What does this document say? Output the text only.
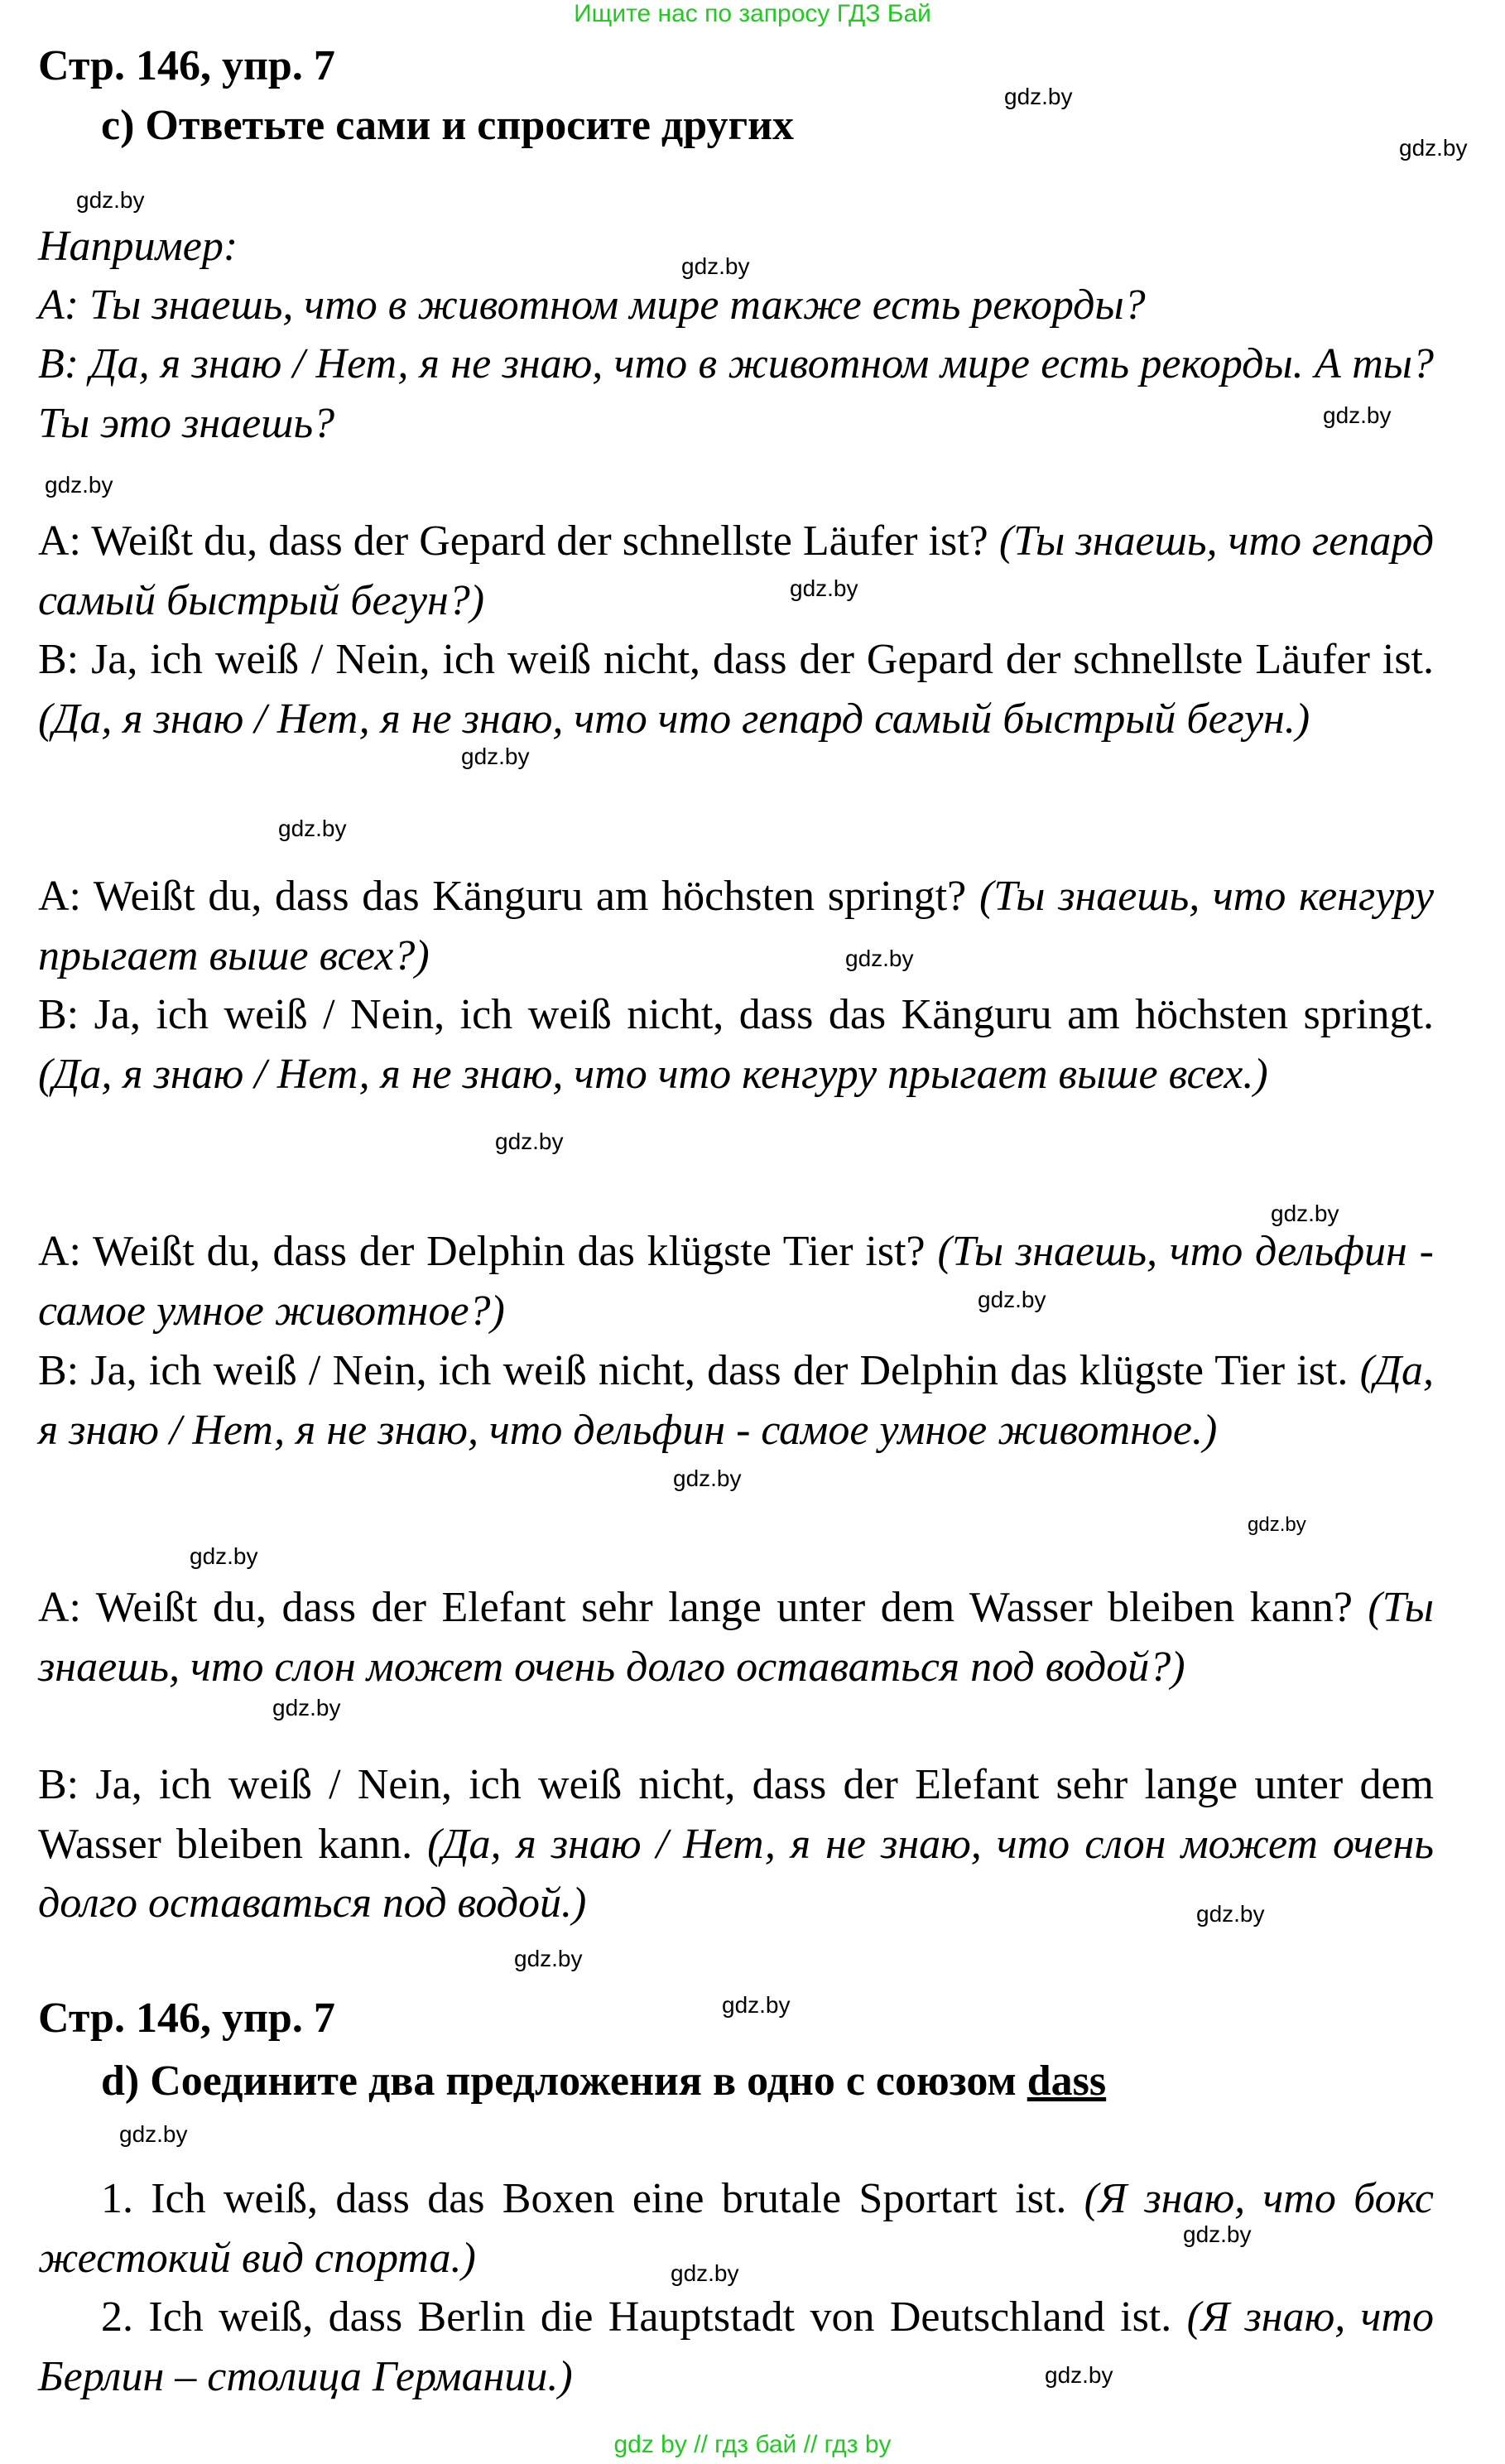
Ищите нас по запросу ГДЗ Бай
Стр. 146, упр. 7
c) Ответьте сами и спросите других
Например:
А: Ты знаешь, что в животном мире также есть рекорды?
В: Да, я знаю / Нет, я не знаю, что в животном мире есть рекорды. А ты? Ты это знаешь?
A: Weißt du, dass der Gepard der schnellste Läufer ist? (Ты знаешь, что гепард самый быстрый бегун?)
B: Ja, ich weiß / Nein, ich weiß nicht, dass der Gepard der schnellste Läufer ist. (Да, я знаю / Нет, я не знаю, что что гепард самый быстрый бегун.)
A: Weißt du, dass das Känguru am höchsten springt? (Ты знаешь, что кенгуру прыгает выше всех?)
B: Ja, ich weiß / Nein, ich weiß nicht, dass das Känguru am höchsten springt. (Да, я знаю / Нет, я не знаю, что что кенгуру прыгает выше всех.)
A: Weißt du, dass der Delphin das klügste Tier ist? (Ты знаешь, что дельфин - самое умное животное?)
B: Ja, ich weiß / Nein, ich weiß nicht, dass der Delphin das klügste Tier ist. (Да, я знаю / Нет, я не знаю, что дельфин - самое умное животное.)
A: Weißt du, dass der Elefant sehr lange unter dem Wasser bleiben kann? (Ты знаешь, что слон может очень долго оставаться под водой?)
B: Ja, ich weiß / Nein, ich weiß nicht, dass der Elefant sehr lange unter dem Wasser bleiben kann. (Да, я знаю / Нет, я не знаю, что слон может очень долго оставаться под водой.)
Стр. 146, упр. 7
d) Соедините два предложения в одно с союзом dass
1. Ich weiß, dass das Boxen eine brutale Sportart ist. (Я знаю, что бокс жестокий вид спорта.)
2. Ich weiß, dass Berlin die Hauptstadt von Deutschland ist. (Я знаю, что Берлин – столица Германии.)
gdz.by
gdz.by
gdz.by
gdz.by
gdz.by
gdz.by
gdz.by
gdz.by
gdz.by
gdz.by
gdz.by
gdz.by
gdz.by
gdz.by
gdz.by
gdz.by
gdz.by
gdz.by
gdz.by
gdz.by
gdz.by
gdz.by
gdz.by
gdz.by
gdz by // гдз бай // гдз by
